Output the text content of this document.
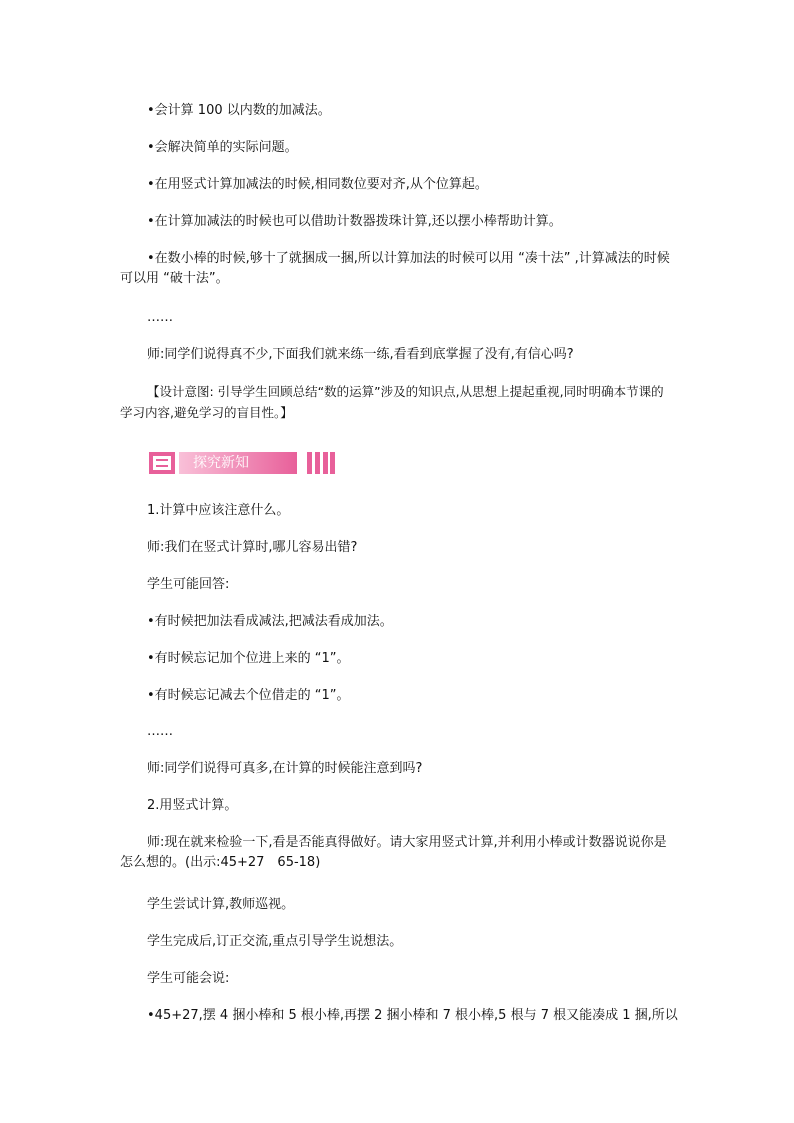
•会计算 100 以内数的加减法。
•会解决简单的实际问题。
•在用竖式计算加减法的时候,相同数位要对齐,从个位算起。
•在计算加减法的时候也可以借助计数器拨珠计算,还以摆小棒帮助计算。
•在数小棒的时候,够十了就捆成一捆,所以计算加法的时候可以用 “凑十法” ,计算减法的时候可以用 “破十法”。
……
师:同学们说得真不少,下面我们就来练一练,看看到底掌握了没有,有信心吗?
【设计意图: 引导学生回顾总结“数的运算”涉及的知识点,从思想上提起重视,同时明确本节课的学习内容,避免学习的盲目性。】
探究新知
1.计算中应该注意什么。
师:我们在竖式计算时,哪儿容易出错?
学生可能回答:
•有时候把加法看成减法,把减法看成加法。
•有时候忘记加个位进上来的 “1”。
•有时候忘记减去个位借走的 “1”。
……
师:同学们说得可真多,在计算的时候能注意到吗?
2.用竖式计算。
师:现在就来检验一下,看是否能真得做好。请大家用竖式计算,并利用小棒或计数器说说你是怎么想的。(出示:45+27　65-18)
学生尝试计算,教师巡视。
学生完成后,订正交流,重点引导学生说想法。
学生可能会说:
•45+27,摆 4 捆小棒和 5 根小棒,再摆 2 捆小棒和 7 根小棒,5 根与 7 根又能凑成 1 捆,所以
